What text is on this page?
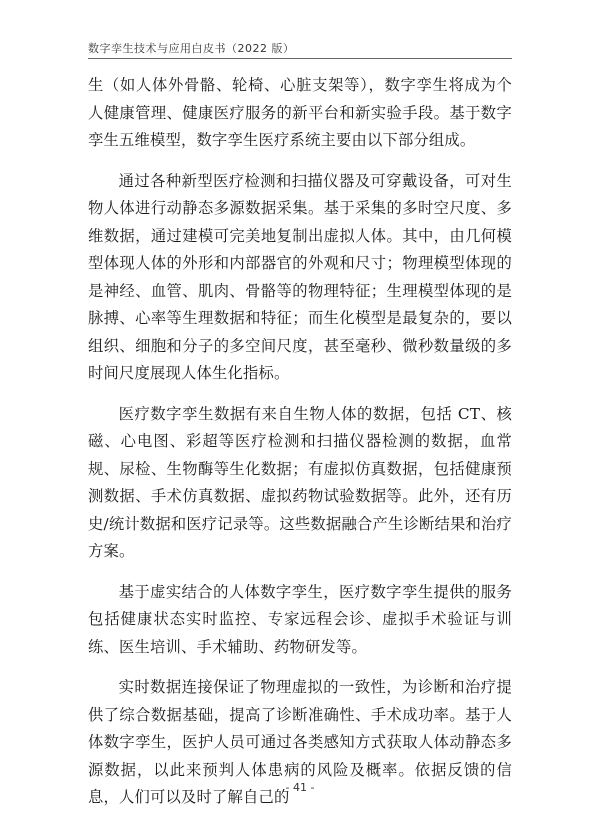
数字孪生技术与应用白皮书（2022 版）

生（如人体外骨骼、轮椅、心脏支架等），数字孪生将成为个人健康管理、健康医疗服务的新平台和新实验手段。基于数字孪生五维模型，数字孪生医疗系统主要由以下部分组成。

通过各种新型医疗检测和扫描仪器及可穿戴设备，可对生物人体进行动静态多源数据采集。基于采集的多时空尺度、多维数据，通过建模可完美地复制出虚拟人体。其中，由几何模型体现人体的外形和内部器官的外观和尺寸；物理模型体现的是神经、血管、肌肉、骨骼等的物理特征；生理模型体现的是脉搏、心率等生理数据和特征；而生化模型是最复杂的，要以组织、细胞和分子的多空间尺度，甚至毫秒、微秒数量级的多时间尺度展现人体生化指标。

医疗数字孪生数据有来自生物人体的数据，包括 CT、核磁、心电图、彩超等医疗检测和扫描仪器检测的数据，血常规、尿检、生物酶等生化数据；有虚拟仿真数据，包括健康预测数据、手术仿真数据、虚拟药物试验数据等。此外，还有历史/统计数据和医疗记录等。这些数据融合产生诊断结果和治疗方案。

基于虚实结合的人体数字孪生，医疗数字孪生提供的服务包括健康状态实时监控、专家远程会诊、虚拟手术验证与训练、医生培训、手术辅助、药物研发等。

实时数据连接保证了物理虚拟的一致性，为诊断和治疗提供了综合数据基础，提高了诊断准确性、手术成功率。基于人体数字孪生，医护人员可通过各类感知方式获取人体动静态多源数据，以此来预判人体患病的风险及概率。依据反馈的信息，人们可以及时了解自己的

- 41 -
